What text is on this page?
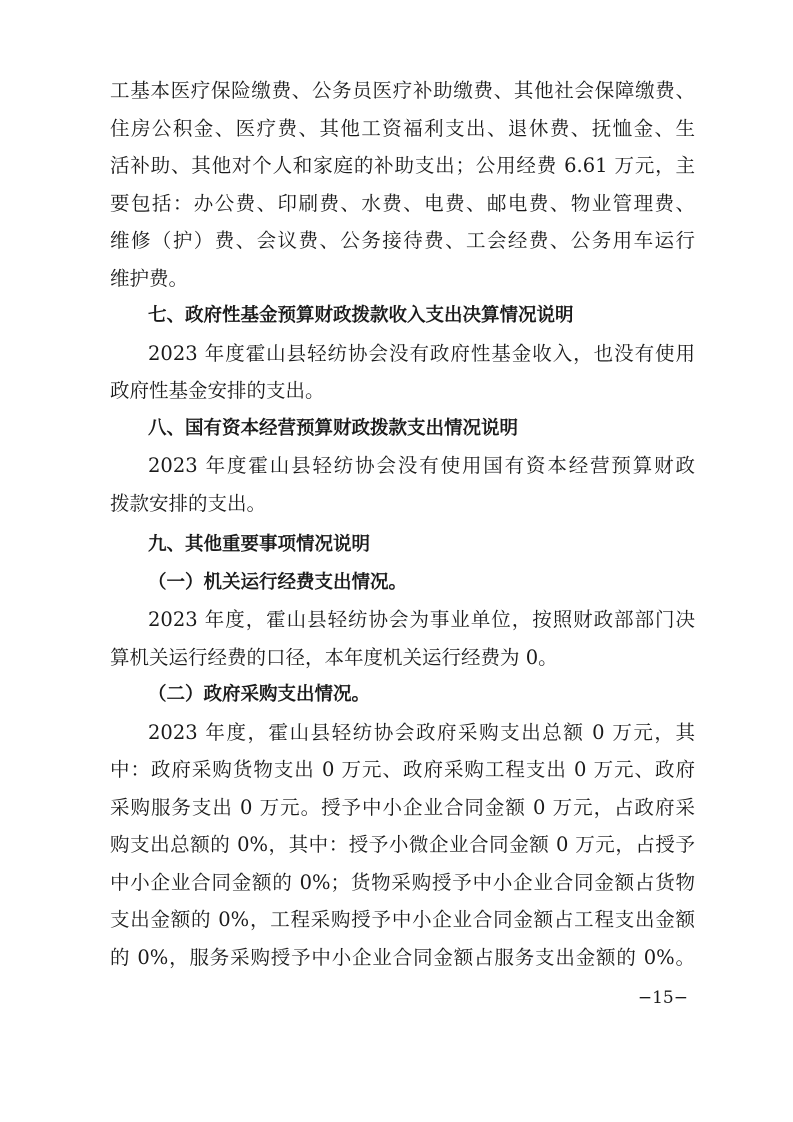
工基本医疗保险缴费、公务员医疗补助缴费、其他社会保障缴费、
住房公积金、医疗费、其他工资福利支出、退休费、抚恤金、生
活补助、其他对个人和家庭的补助支出；公用经费 6.61 万元，主
要包括：办公费、印刷费、水费、电费、邮电费、物业管理费、
维修（护）费、会议费、公务接待费、工会经费、公务用车运行
维护费。
七、政府性基金预算财政拨款收入支出决算情况说明
2023 年度霍山县轻纺协会没有政府性基金收入，也没有使用
政府性基金安排的支出。
八、国有资本经营预算财政拨款支出情况说明
2023 年度霍山县轻纺协会没有使用国有资本经营预算财政
拨款安排的支出。
九、其他重要事项情况说明
（一）机关运行经费支出情况。
2023 年度，霍山县轻纺协会为事业单位，按照财政部部门决
算机关运行经费的口径，本年度机关运行经费为 0。
（二）政府采购支出情况。
2023 年度，霍山县轻纺协会政府采购支出总额 0 万元，其
中：政府采购货物支出 0 万元、政府采购工程支出 0 万元、政府
采购服务支出 0 万元。授予中小企业合同金额 0 万元，占政府采
购支出总额的 0%，其中：授予小微企业合同金额 0 万元，占授予
中小企业合同金额的 0%；货物采购授予中小企业合同金额占货物
支出金额的 0%，工程采购授予中小企业合同金额占工程支出金额
的 0%，服务采购授予中小企业合同金额占服务支出金额的 0%。
−15−
